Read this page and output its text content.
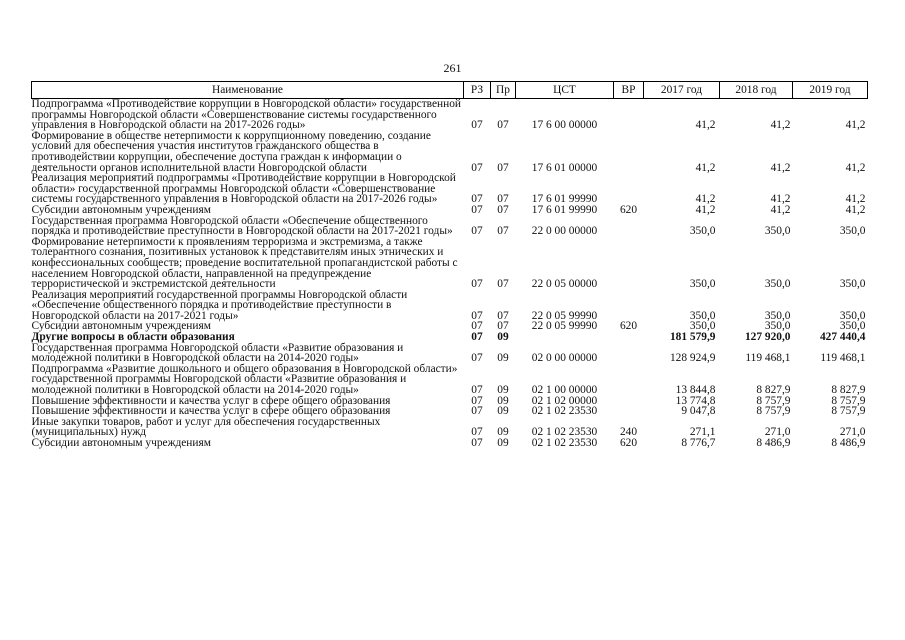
261
Наименование	РЗ	Пр	ЦСТ	ВР	2017 год	2018 год	2019 год
Подпрограмма «Противодействие коррупции в Новгородской области» государственной программы Новгородской области «Совершенствование системы государственного управления в Новгородской области на 2017-2026 годы»	07	07	17 6 00 00000		41,2	41,2	41,2
Формирование в обществе нетерпимости к коррупционному поведению, создание условий для обеспечения участия институтов гражданского общества в противодействии коррупции, обеспечение доступа граждан к информации о деятельности органов исполнительной власти Новгородской области	07	07	17 6 01 00000		41,2	41,2	41,2
Реализация мероприятий подпрограммы «Противодействие коррупции в Новгородской области» государственной программы Новгородской области «Совершенствование системы государственного управления в Новгородской области на 2017-2026 годы»	07	07	17 6 01 99990		41,2	41,2	41,2
Субсидии автономным учреждениям	07	07	17 6 01 99990	620	41,2	41,2	41,2
Государственная программа Новгородской области «Обеспечение общественного порядка и противодействие преступности в Новгородской области на 2017-2021 годы»	07	07	22 0 00 00000		350,0	350,0	350,0
Формирование нетерпимости к проявлениям терроризма и экстремизма, а также толерантного сознания, позитивных установок к представителям иных этнических и конфессиональных сообществ; проведение воспитательной пропагандистской работы с населением Новгородской области, направленной на предупреждение террористической и экстремистской деятельности	07	07	22 0 05 00000		350,0	350,0	350,0
Реализация мероприятий государственной программы Новгородской области «Обеспечение общественного порядка и противодействие преступности в Новгородской области на 2017-2021 годы»	07	07	22 0 05 99990		350,0	350,0	350,0
Субсидии автономным учреждениям	07	07	22 0 05 99990	620	350,0	350,0	350,0
Другие вопросы в области образования	07	09			181 579,9	127 920,0	427 440,4
Государственная программа Новгородской области «Развитие образования и молодежной политики в Новгородской области на 2014-2020 годы»	07	09	02 0 00 00000		128 924,9	119 468,1	119 468,1
Подпрограмма «Развитие дошкольного и общего образования в Новгородской области» государственной программы Новгородской области «Развитие образования и молодежной политики в Новгородской области на 2014-2020 годы»	07	09	02 1 00 00000		13 844,8	8 827,9	8 827,9
Повышение эффективности и качества услуг в сфере общего образования	07	09	02 1 02 00000		13 774,8	8 757,9	8 757,9
Повышение эффективности и качества услуг в сфере общего образования	07	09	02 1 02 23530		9 047,8	8 757,9	8 757,9
Иные закупки товаров, работ и услуг для обеспечения государственных (муниципальных) нужд	07	09	02 1 02 23530	240	271,1	271,0	271,0
Субсидии автономным учреждениям	07	09	02 1 02 23530	620	8 776,7	8 486,9	8 486,9
